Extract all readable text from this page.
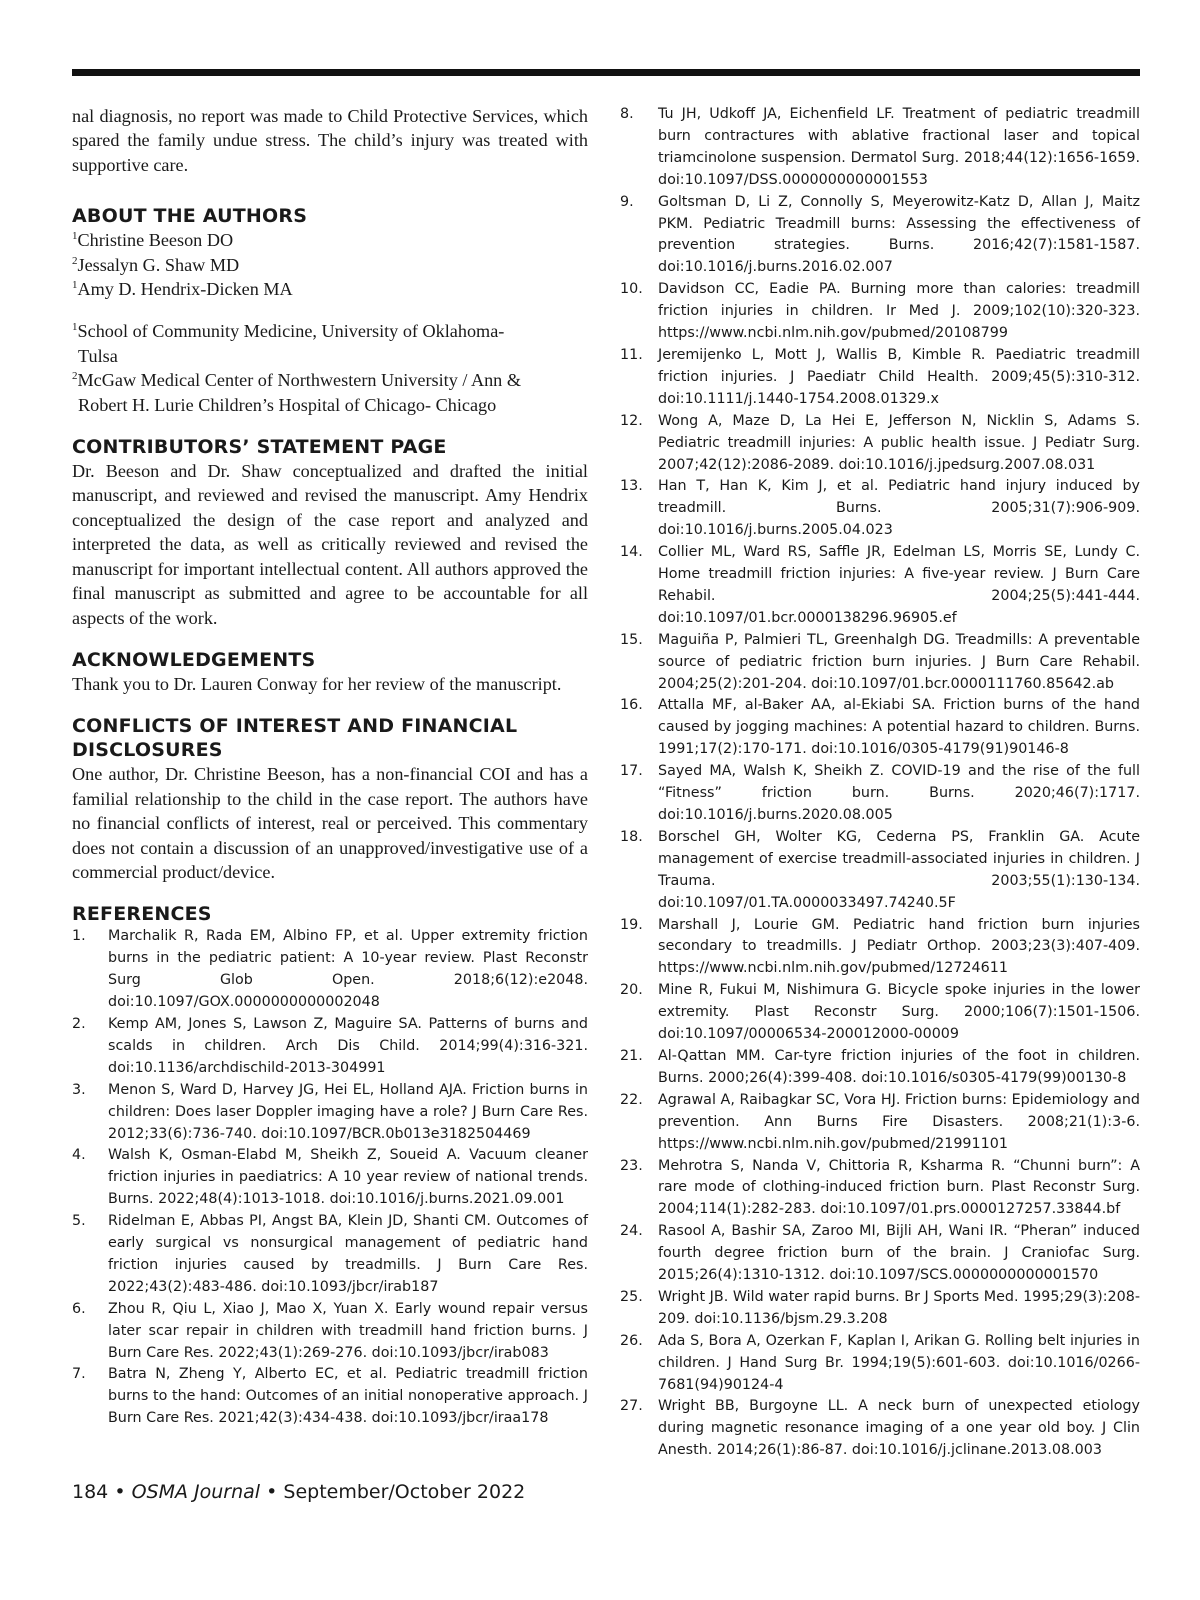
nal diagnosis, no report was made to Child Protective Services, which spared the family undue stress. The child’s injury was treated with supportive care.

ABOUT THE AUTHORS
$^1$Christine Beeson DO
$^2$Jessalyn G. Shaw MD
$^1$Amy D. Hendrix-Dicken MA
$^1$School of Community Medicine, University of Oklahoma-
Tulsa
$^2$McGaw Medical Center of Northwestern University / Ann &
Robert H. Lurie Children’s Hospital of Chicago- Chicago
CONTRIBUTORS’ STATEMENT PAGE

Dr. Beeson and Dr. Shaw conceptualized and drafted the initial manuscript, and reviewed and revised the manuscript. Amy Hendrix conceptualized the design of the case report and analyzed and interpreted the data, as well as critically reviewed and revised the manuscript for important intellectual content. All authors approved the final manuscript as submitted and agree to be accountable for all aspects of the work.

ACKNOWLEDGEMENTS

Thank you to Dr. Lauren Conway for her review of the manuscript.

CONFLICTS OF INTEREST AND FINANCIAL
DISCLOSURES

One author, Dr. Christine Beeson, has a non-financial COI and has a familial relationship to the child in the case report. The authors have no financial conflicts of interest, real or perceived. This commentary does not contain a discussion of an unapproved/investigative use of a commercial product/device.

REFERENCES
1.	Marchalik R, Rada EM, Albino FP, et al. Upper extremity friction burns in the pediatric patient: A 10-year review. Plast Reconstr Surg Glob Open. 2018;6(12):e2048. doi:10.1097/GOX.0000000000002048
2.	Kemp AM, Jones S, Lawson Z, Maguire SA. Patterns of burns and scalds in children. Arch Dis Child. 2014;99(4):316-321. doi:10.1136/archdischild-2013-304991
3.	Menon S, Ward D, Harvey JG, Hei EL, Holland AJA. Friction burns in children: Does laser Doppler imaging have a role? J Burn Care Res. 2012;33(6):736-740. doi:10.1097/BCR.0b013e3182504469
4.	Walsh K, Osman-Elabd M, Sheikh Z, Soueid A. Vacuum cleaner friction injuries in paediatrics: A 10 year review of national trends. Burns. 2022;48(4):1013-1018. doi:10.1016/j.burns.2021.09.001
5.	Ridelman E, Abbas PI, Angst BA, Klein JD, Shanti CM. Outcomes of early surgical vs nonsurgical management of pediatric hand friction injuries caused by treadmills. J Burn Care Res. 2022;43(2):483-486. doi:10.1093/jbcr/irab187
6.	Zhou R, Qiu L, Xiao J, Mao X, Yuan X. Early wound repair versus later scar repair in children with treadmill hand friction burns. J Burn Care Res. 2022;43(1):269-276. doi:10.1093/jbcr/irab083
7.	Batra N, Zheng Y, Alberto EC, et al. Pediatric treadmill friction burns to the hand: Outcomes of an initial nonoperative approach. J Burn Care Res. 2021;42(3):434-438. doi:10.1093/jbcr/iraa178
8.	Tu JH, Udkoff JA, Eichenfield LF. Treatment of pediatric treadmill burn contractures with ablative fractional laser and topical triamcinolone suspension. Dermatol Surg. 2018;44(12):1656-1659. doi:10.1097/DSS.0000000000001553
9.	Goltsman D, Li Z, Connolly S, Meyerowitz-Katz D, Allan J, Maitz PKM. Pediatric Treadmill burns: Assessing the effectiveness of prevention strategies. Burns. 2016;42(7):1581-1587. doi:10.1016/j.burns.2016.02.007
10.	Davidson CC, Eadie PA. Burning more than calories: treadmill friction injuries in children. Ir Med J. 2009;102(10):320-323. https://www.ncbi.nlm.nih.gov/pubmed/20108799
11.	Jeremijenko L, Mott J, Wallis B, Kimble R. Paediatric treadmill friction injuries. J Paediatr Child Health. 2009;45(5):310-312. doi:10.1111/j.1440-1754.2008.01329.x
12.	Wong A, Maze D, La Hei E, Jefferson N, Nicklin S, Adams S. Pediatric treadmill injuries: A public health issue. J Pediatr Surg. 2007;42(12):2086-2089. doi:10.1016/j.jpedsurg.2007.08.031
13.	Han T, Han K, Kim J, et al. Pediatric hand injury induced by treadmill. Burns. 2005;31(7):906-909. doi:10.1016/j.burns.2005.04.023
14.	Collier ML, Ward RS, Saffle JR, Edelman LS, Morris SE, Lundy C. Home treadmill friction injuries: A five-year review. J Burn Care Rehabil. 2004;25(5):441-444. doi:10.1097/01.bcr.0000138296.96905.ef
15.	Maguiña P, Palmieri TL, Greenhalgh DG. Treadmills: A preventable source of pediatric friction burn injuries. J Burn Care Rehabil. 2004;25(2):201-204. doi:10.1097/01.bcr.0000111760.85642.ab
16.	Attalla MF, al-Baker AA, al-Ekiabi SA. Friction burns of the hand caused by jogging machines: A potential hazard to children. Burns. 1991;17(2):170-171. doi:10.1016/0305-4179(91)90146-8
17.	Sayed MA, Walsh K, Sheikh Z. COVID-19 and the rise of the full “Fitness” friction burn. Burns. 2020;46(7):1717. doi:10.1016/j.burns.2020.08.005
18.	Borschel GH, Wolter KG, Cederna PS, Franklin GA. Acute management of exercise treadmill-associated injuries in children. J Trauma. 2003;55(1):130-134. doi:10.1097/01.TA.0000033497.74240.5F
19.	Marshall J, Lourie GM. Pediatric hand friction burn injuries secondary to treadmills. J Pediatr Orthop. 2003;23(3):407-409. https://www.ncbi.nlm.nih.gov/pubmed/12724611
20.	Mine R, Fukui M, Nishimura G. Bicycle spoke injuries in the lower extremity. Plast Reconstr Surg. 2000;106(7):1501-1506. doi:10.1097/00006534-200012000-00009
21.	Al-Qattan MM. Car-tyre friction injuries of the foot in children. Burns. 2000;26(4):399-408. doi:10.1016/s0305-4179(99)00130-8
22.	Agrawal A, Raibagkar SC, Vora HJ. Friction burns: Epidemiology and prevention. Ann Burns Fire Disasters. 2008;21(1):3-6. https://www.ncbi.nlm.nih.gov/pubmed/21991101
23.	Mehrotra S, Nanda V, Chittoria R, Ksharma R. “Chunni burn”: A rare mode of clothing-induced friction burn. Plast Reconstr Surg. 2004;114(1):282-283. doi:10.1097/01.prs.0000127257.33844.bf
24.	Rasool A, Bashir SA, Zaroo MI, Bijli AH, Wani IR. “Pheran” induced fourth degree friction burn of the brain. J Craniofac Surg. 2015;26(4):1310-1312. doi:10.1097/SCS.0000000000001570
25.	Wright JB. Wild water rapid burns. Br J Sports Med. 1995;29(3):208-209. doi:10.1136/bjsm.29.3.208
26.	Ada S, Bora A, Ozerkan F, Kaplan I, Arikan G. Rolling belt injuries in children. J Hand Surg Br. 1994;19(5):601-603. doi:10.1016/0266-7681(94)90124-4
27.	Wright BB, Burgoyne LL. A neck burn of unexpected etiology during magnetic resonance imaging of a one year old boy. J Clin Anesth. 2014;26(1):86-87. doi:10.1016/j.jclinane.2013.08.003
184 • OSMA Journal • September/October 2022
